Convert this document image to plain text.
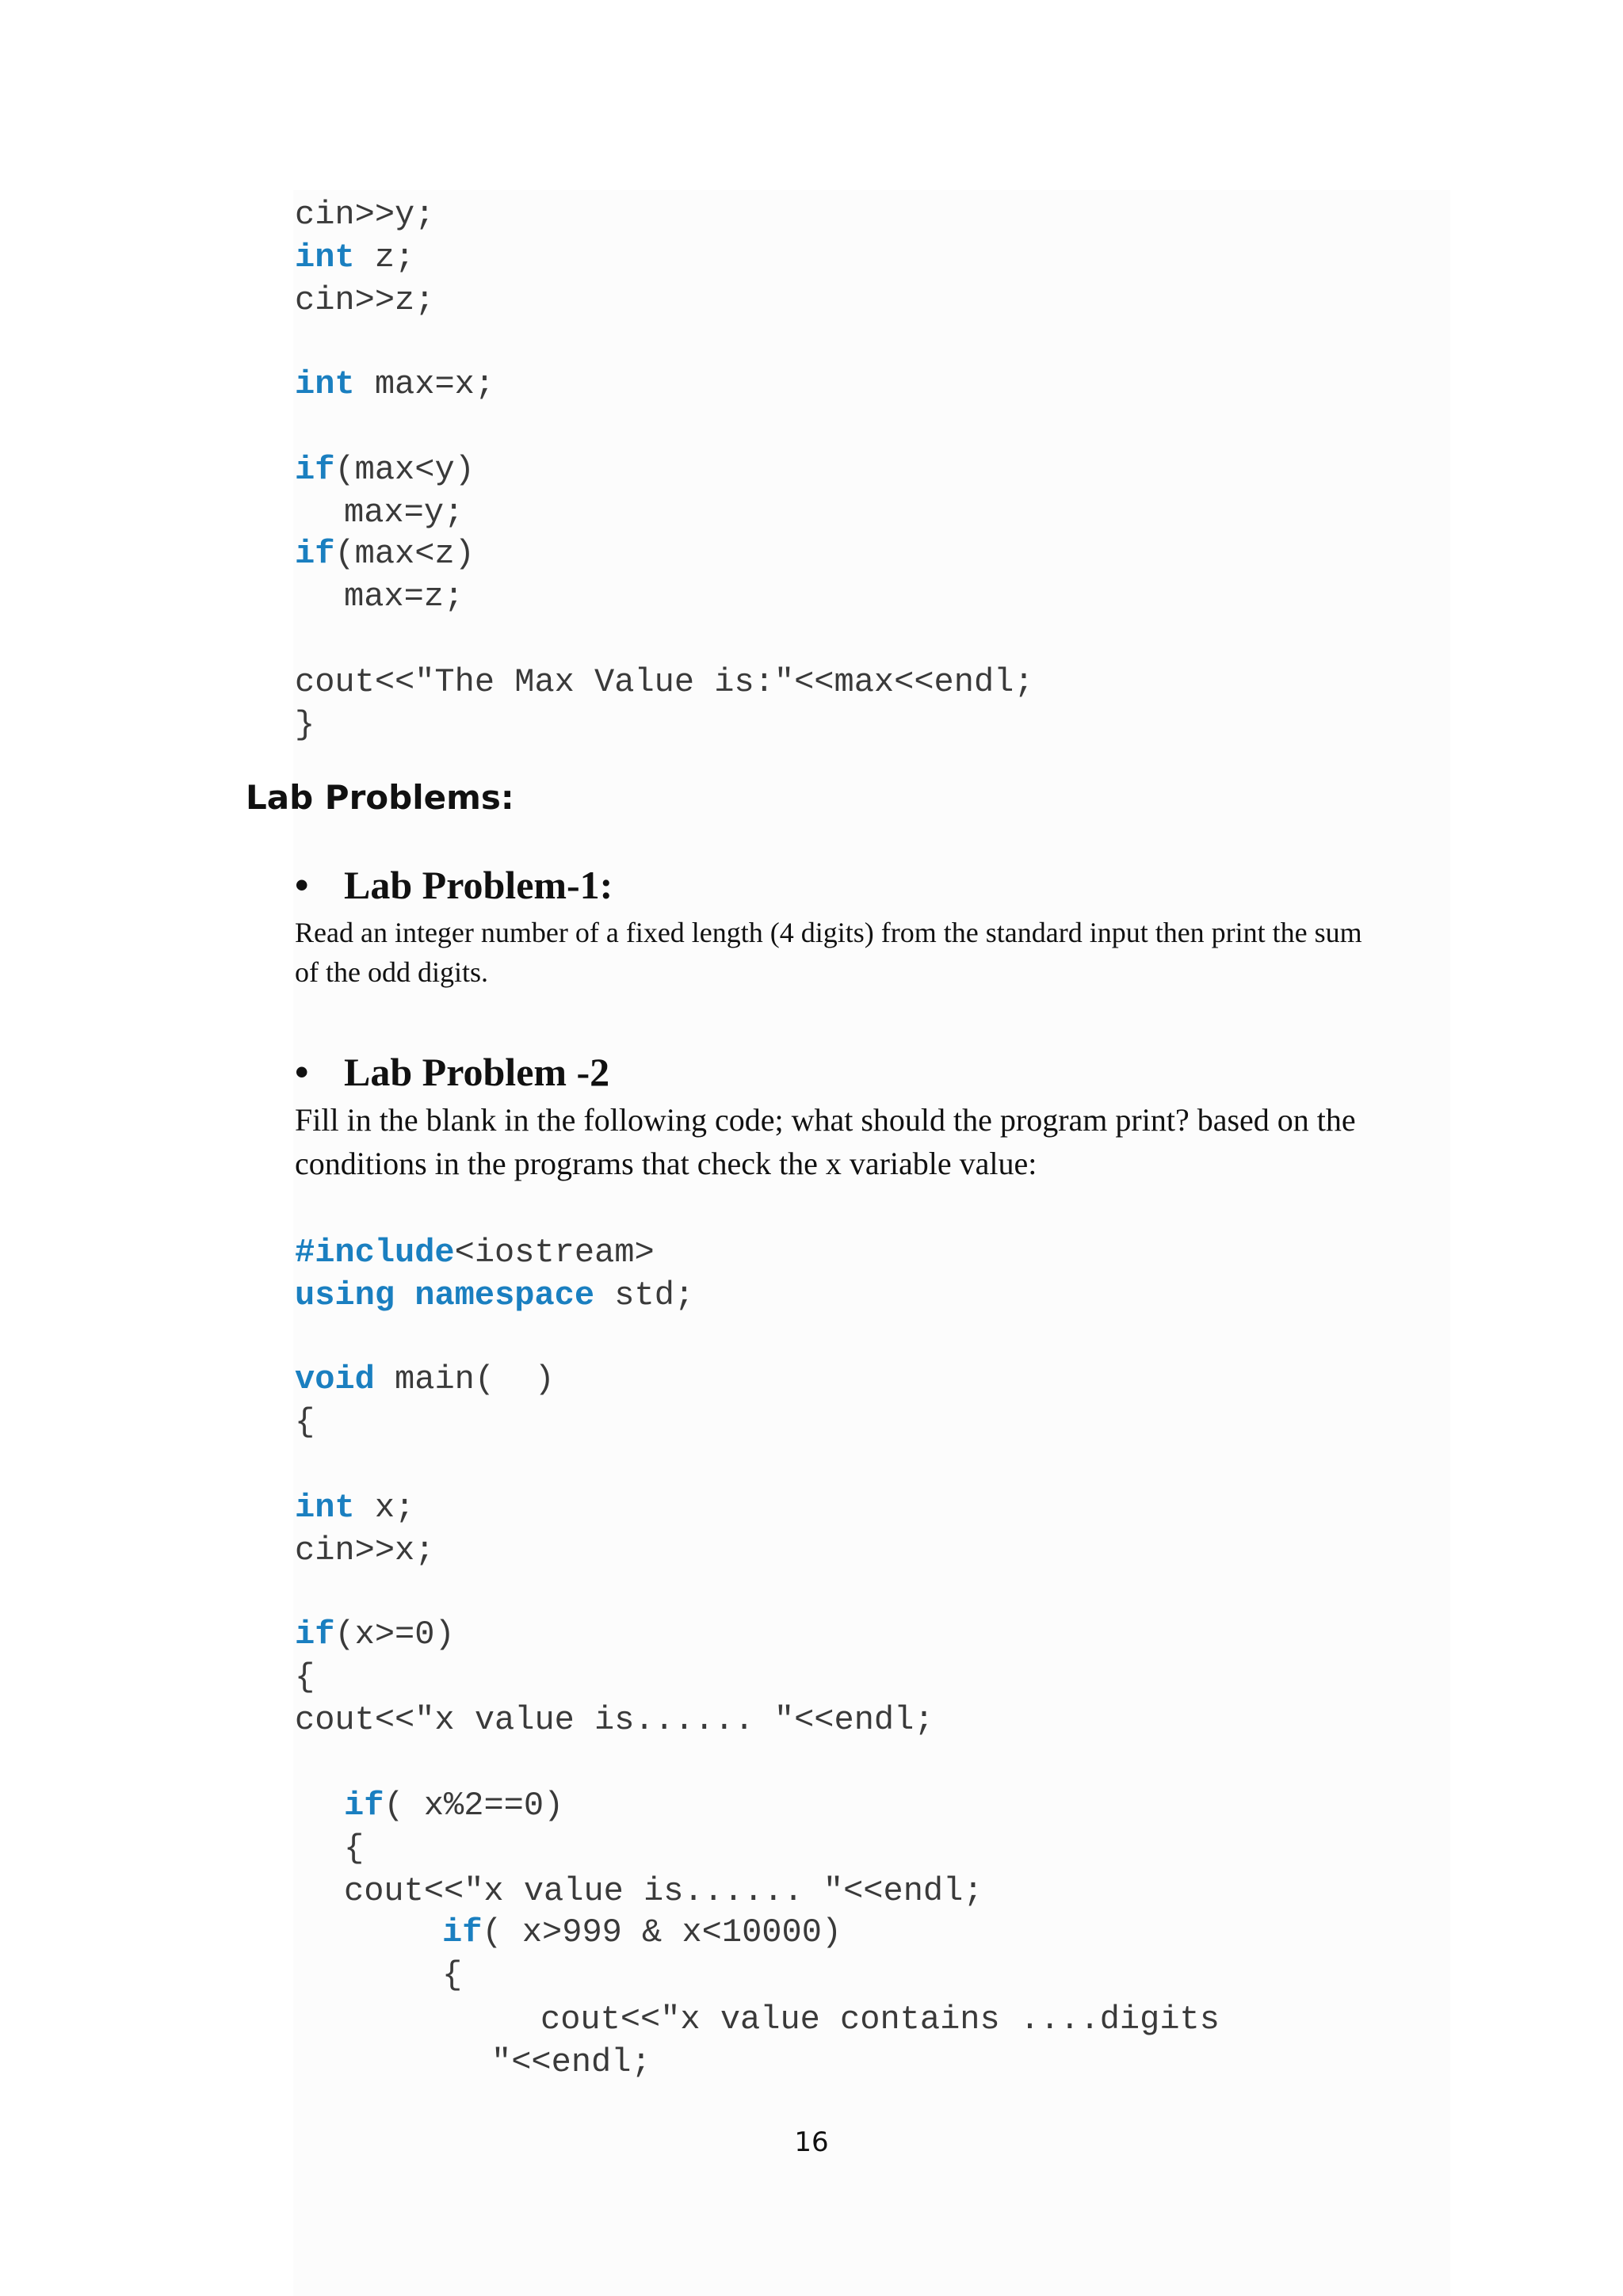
cin>>y;
int z;
cin>>z;
int max=x;
if(max<y)
max=y;
if(max<z)
max=z;
cout<<"The Max Value is:"<<max<<endl;
}
Lab Problems:
• Lab Problem-1:
Read an integer number of a fixed length (4 digits) from the standard input then print the sum of the odd digits.
• Lab Problem -2
Fill in the blank in the following code; what should the program print? based on the conditions in the programs that check the x variable value:
#include<iostream>
using namespace std;
void main(  )
{
int x;
cin>>x;
if(x>=0)
{
cout<<"x value is...... "<<endl;
if( x%2==0)
{
cout<<"x value is...... "<<endl;
if( x>999 & x<10000)
{
cout<<"x value contains ....digits
"<<endl;
16
